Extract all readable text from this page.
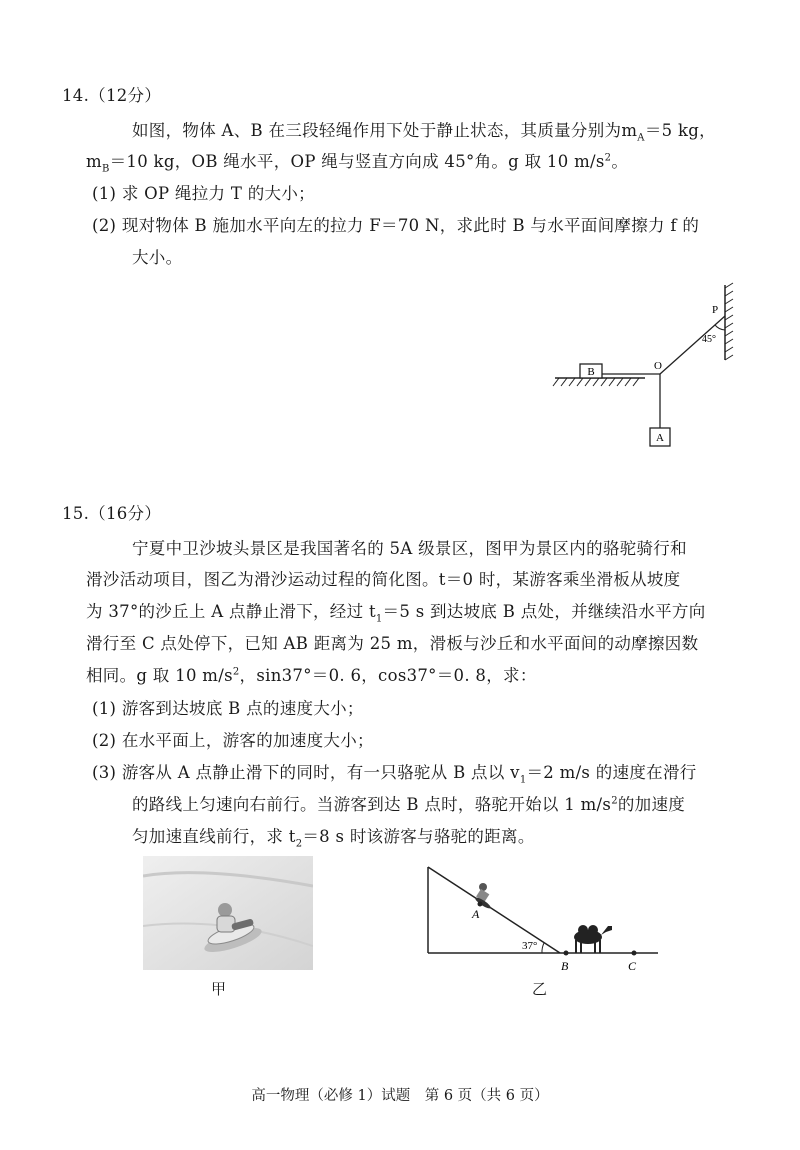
14.（12分）
如图，物体 A、B 在三段轻绳作用下处于静止状态，其质量分别为$m_A=5$ kg，
$m_B=10$ kg，OB 绳水平，OP 绳与竖直方向成 45°角。g 取 10 $m/s^2$。
(1) 求 OP 绳拉力 T 的大小；
(2) 现对物体 B 施加水平向左的拉力 F＝70 N，求此时 B 与水平面间摩擦力 f 的
大小。
B
45°
P
O
A
15.（16分）
宁夏中卫沙坡头景区是我国著名的 5A 级景区，图甲为景区内的骆驼骑行和
滑沙活动项目，图乙为滑沙运动过程的简化图。t＝0 时，某游客乘坐滑板从坡度
为 37°的沙丘上 A 点静止滑下，经过 $t_1=5$ s 到达坡底 B 点处，并继续沿水平方向
滑行至 C 点处停下，已知 AB 距离为 25 m，滑板与沙丘和水平面间的动摩擦因数
相同。g 取 10 $m/s^2$，sin37°＝0. 6，cos37°＝0. 8，求：
(1) 游客到达坡底 B 点的速度大小；
(2) 在水平面上，游客的加速度大小；
(3) 游客从 A 点静止滑下的同时，有一只骆驼从 B 点以 $v_1=2$ m/s 的速度在滑行
的路线上匀速向右前行。当游客到达 B 点时，骆驼开始以 1 $m/s^2$的加速度
匀加速直线前行，求 $t_2=8$ s 时该游客与骆驼的距离。
甲
37°
A
B	C
乙
高一物理（必修 1）试题　第 6 页（共 6 页）
